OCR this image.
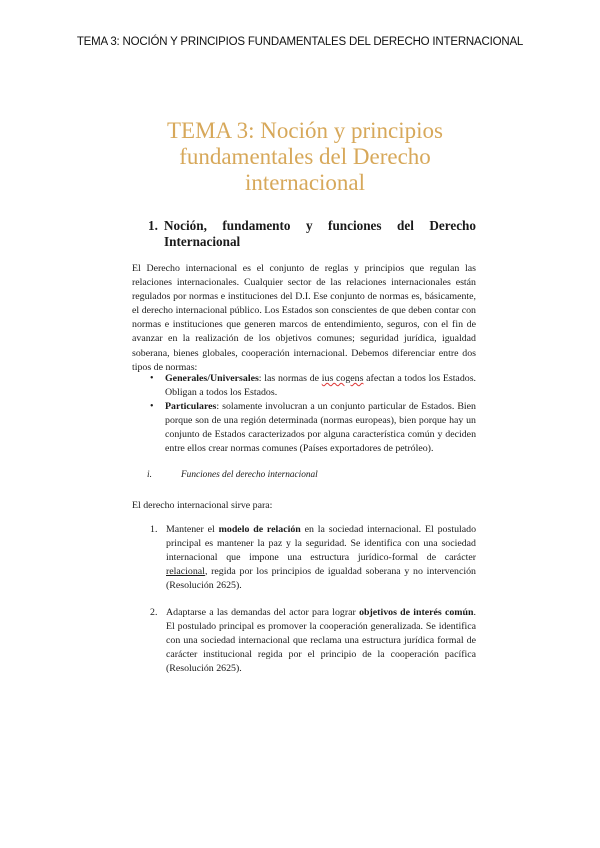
TEMA 3: NOCIÓN Y PRINCIPIOS FUNDAMENTALES DEL DERECHO INTERNACIONAL
TEMA 3: Noción y principios
fundamentales del Derecho
internacional
1. Noción, fundamento y funciones del Derecho Internacional

El Derecho internacional es el conjunto de reglas y principios que regulan las relaciones internacionales. Cualquier sector de las relaciones internacionales están regulados por normas e instituciones del D.I. Ese conjunto de normas es, básicamente, el derecho internacional público. Los Estados son conscientes de que deben contar con normas e instituciones que generen marcos de entendimiento, seguros, con el fin de avanzar en la realización de los objetivos comunes; seguridad jurídica, igualdad soberana, bienes globales, cooperación internacional. Debemos diferenciar entre dos tipos de normas:

• Generales/Universales: las normas de ius cogens afectan a todos los Estados. Obligan a todos los Estados.
• Particulares: solamente involucran a un conjunto particular de Estados. Bien porque son de una región determinada (normas europeas), bien porque hay un conjunto de Estados caracterizados por alguna característica común y deciden entre ellos crear normas comunes (Países exportadores de petróleo).
i.	Funciones del derecho internacional

El derecho internacional sirve para:

1. Mantener el modelo de relación en la sociedad internacional. El postulado principal es mantener la paz y la seguridad. Se identifica con una sociedad internacional que impone una estructura jurídico-formal de carácter relacional, regida por los principios de igualdad soberana y no intervención (Resolución 2625).
2. Adaptarse a las demandas del actor para lograr objetivos de interés común. El postulado principal es promover la cooperación generalizada. Se identifica con una sociedad internacional que reclama una estructura jurídica formal de carácter institucional regida por el principio de la cooperación pacífica (Resolución 2625).
